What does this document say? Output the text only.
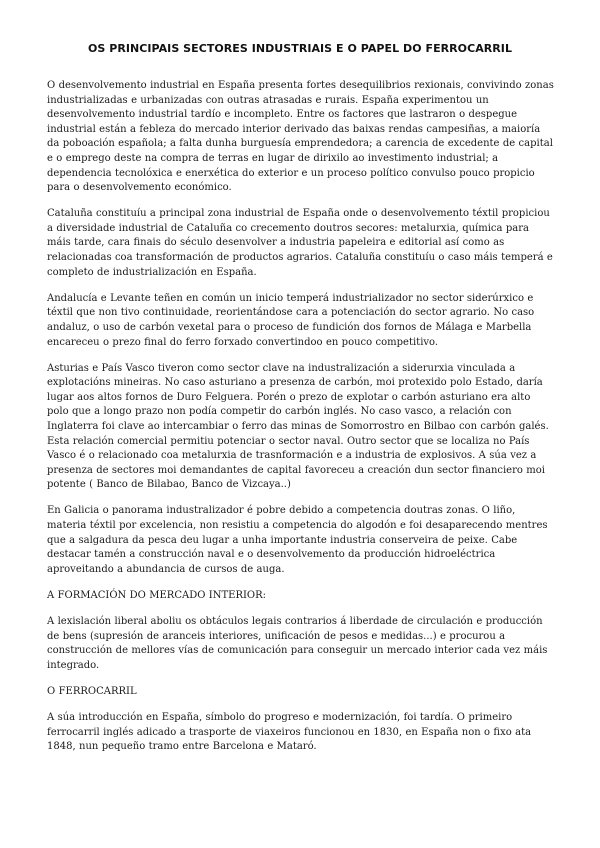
OS PRINCIPAIS SECTORES INDUSTRIAIS E O PAPEL DO FERROCARRIL

O desenvolvemento industrial en España presenta fortes desequilibrios rexionais, convivindo zonas industrializadas e urbanizadas con outras atrasadas e rurais. España experimentou un desenvolvemento industrial tardío e incompleto. Entre os factores que lastraron o despegue industrial están a febleza do mercado interior derivado das baixas rendas campesiñas, a maioría da poboación española; a falta dunha burguesía emprendedora; a carencia de excedente de capital e o emprego deste na compra de terras en lugar de dirixilo ao investimento industrial; a dependencia tecnolóxica e enerxética do exterior e un proceso político convulso pouco propicio para o desenvolvemento económico.

Cataluña constituíu a principal zona industrial de España onde o desenvolvemento téxtil propiciou a diversidade industrial de Cataluña co crecemento doutros secores: metalurxia, química para máis tarde, cara finais do século desenvolver a industria papeleira e editorial así como as relacionadas coa transformación de productos agrarios. Cataluña constituíu o caso máis temperá e completo de industrialización en España.

Andalucía e Levante teñen en común un inicio temperá industrializador no sector siderúrxico e téxtil que non tivo continuidade, reorientándose cara a potenciación do sector agrario. No caso andaluz, o uso de carbón vexetal para o proceso de fundición dos fornos de Málaga e Marbella encareceu o prezo final do ferro forxado convertindoo en pouco competitivo.

Asturias e País Vasco tiveron como sector clave na industralización a siderurxia vinculada a explotacións mineiras. No caso asturiano a presenza de carbón, moi protexido polo Estado, daría lugar aos altos fornos de Duro Felguera. Porén o prezo de explotar o carbón asturiano era alto polo que a longo prazo non podía competir do carbón inglés. No caso vasco, a relación con Inglaterra foi clave ao intercambiar o ferro das minas de Somorrostro en Bilbao con carbón galés. Esta relación comercial permitiu potenciar o sector naval. Outro sector que se localiza no País Vasco é o relacionado coa metalurxia de trasnformación e a industria de explosivos. A súa vez a presenza de sectores moi demandantes de capital favoreceu a creación dun sector financiero moi potente ( Banco de Bilabao, Banco de Vizcaya..)

En Galicia o panorama industralizador é pobre debido a competencia doutras zonas. O liño, materia téxtil por excelencia, non resistiu a competencia do algodón e foi desaparecendo mentres que a salgadura da pesca deu lugar a unha importante industria conserveira de peixe. Cabe destacar tamén a construcción naval e o desenvolvemento da producción hidroeléctrica aproveitando a abundancia de cursos de auga.

A FORMACIÓN DO MERCADO INTERIOR:

A lexislación liberal aboliu os obtáculos legais contrarios á liberdade de circulación e producción de bens (supresión de aranceis interiores, unificación de pesos e medidas...) e procurou a construcción de mellores vías de comunicación para conseguir un mercado interior cada vez máis integrado.

O FERROCARRIL

A súa introducción en España, símbolo do progreso e modernización, foi tardía. O primeiro ferrocarril inglés adicado a trasporte de viaxeiros funcionou en 1830, en España non o fixo ata 1848, nun pequeño tramo entre Barcelona e Mataró.
